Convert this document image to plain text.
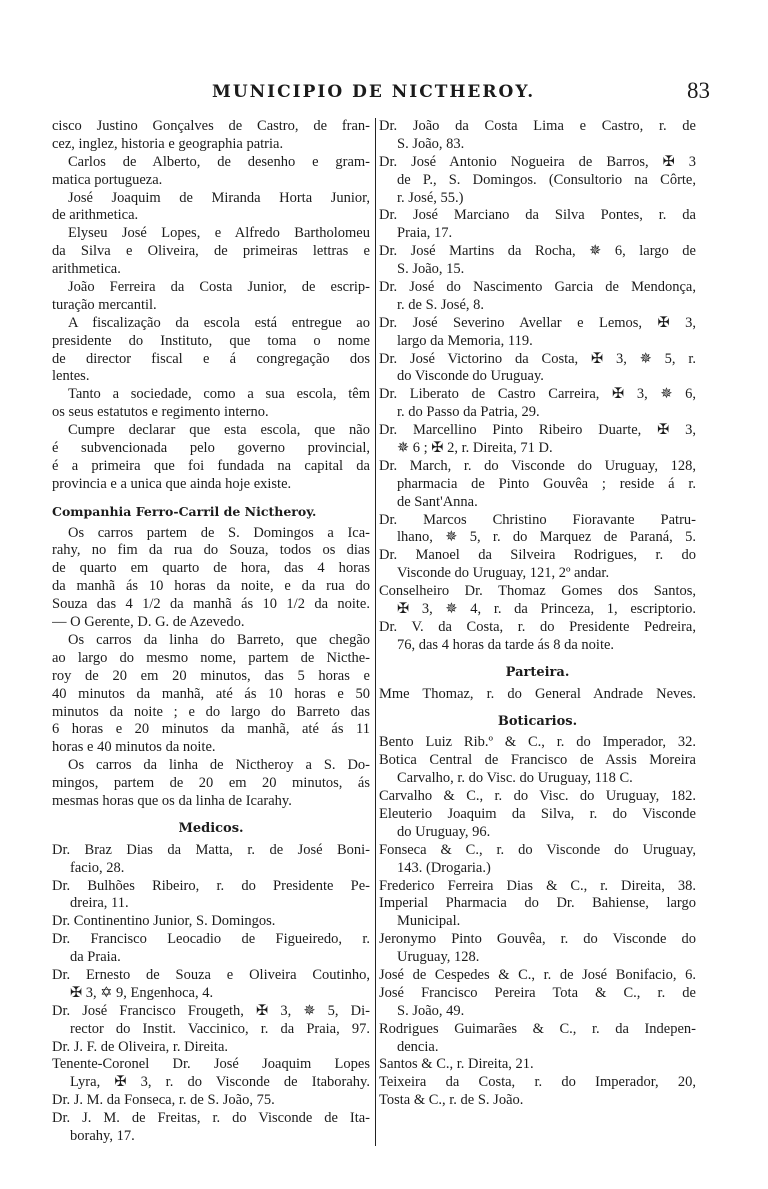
MUNICIPIO DE NICTHEROY.	83
cisco Justino Gonçalves de Castro, de fran-
cez, inglez, historia e geographia patria.
Carlos de Alberto, de desenho e gram-
matica portugueza.
José Joaquim de Miranda Horta Junior,
de arithmetica.
Elyseu José Lopes, e Alfredo Bartholomeu
da Silva e Oliveira, de primeiras lettras e
arithmetica.
João Ferreira da Costa Junior, de escrip-
turação mercantil.
A fiscalização da escola está entregue ao
presidente do Instituto, que toma o nome
de director fiscal e á congregação dos
lentes.
Tanto a sociedade, como a sua escola, têm
os seus estatutos e regimento interno.
Cumpre declarar que esta escola, que não
é subvencionada pelo governo provincial,
é a primeira que foi fundada na capital da
provincia e a unica que ainda hoje existe.
Companhia Ferro-Carril de Nictheroy.
Os carros partem de S. Domingos a Ica-
rahy, no fim da rua do Souza, todos os dias
de quarto em quarto de hora, das 4 horas
da manhã ás 10 horas da noite, e da rua do
Souza das 4 1/2 da manhã ás 10 1/2 da noite.
— O Gerente, D. G. de Azevedo.
Os carros da linha do Barreto, que chegão
ao largo do mesmo nome, partem de Nicthe-
roy de 20 em 20 minutos, das 5 horas e
40 minutos da manhã, até ás 10 horas e 50
minutos da noite ; e do largo do Barreto das
6 horas e 20 minutos da manhã, até ás 11
horas e 40 minutos da noite.
Os carros da linha de Nictheroy a S. Do-
mingos, partem de 20 em 20 minutos, ás
mesmas horas que os da linha de Icarahy.
Medicos.
Dr. Braz Dias da Matta, r. de José Boni-
facio, 28.
Dr. Bulhões Ribeiro, r. do Presidente Pe-
dreira, 11.
Dr. Continentino Junior, S. Domingos.
Dr. Francisco Leocadio de Figueiredo, r.
da Praia.
Dr. Ernesto de Souza e Oliveira Coutinho,
✠ 3, ✡ 9, Engenhoca, 4.
Dr. José Francisco Frougeth, ✠ 3, ✵ 5, Di-
rector do Instit. Vaccinico, r. da Praia, 97.
Dr. J. F. de Oliveira, r. Direita.
Tenente-Coronel Dr. José Joaquim Lopes
Lyra, ✠ 3, r. do Visconde de Itaborahy.
Dr. J. M. da Fonseca, r. de S. João, 75.
Dr. J. M. de Freitas, r. do Visconde de Ita-
borahy, 17.
Dr. João da Costa Lima e Castro, r. de
S. João, 83.
Dr. José Antonio Nogueira de Barros, ✠ 3
de P., S. Domingos. (Consultorio na Côrte,
r. José, 55.)
Dr. José Marciano da Silva Pontes, r. da
Praia, 17.
Dr. José Martins da Rocha, ✵ 6, largo de
S. João, 15.
Dr. José do Nascimento Garcia de Mendonça,
r. de S. José, 8.
Dr. José Severino Avellar e Lemos, ✠ 3,
largo da Memoria, 119.
Dr. José Victorino da Costa, ✠ 3, ✵ 5, r.
do Visconde do Uruguay.
Dr. Liberato de Castro Carreira, ✠ 3, ✵ 6,
r. do Passo da Patria, 29.
Dr. Marcellino Pinto Ribeiro Duarte, ✠ 3,
✵ 6 ; ✠ 2, r. Direita, 71 D.
Dr. March, r. do Visconde do Uruguay, 128,
pharmacia de Pinto Gouvêa ; reside á r.
de Sant'Anna.
Dr. Marcos Christino Fioravante Patru-
lhano, ✵ 5, r. do Marquez de Paraná, 5.
Dr. Manoel da Silveira Rodrigues, r. do
Visconde do Uruguay, 121, 2º andar.
Conselheiro Dr. Thomaz Gomes dos Santos,
✠ 3, ✵ 4, r. da Princeza, 1, escriptorio.
Dr. V. da Costa, r. do Presidente Pedreira,
76, das 4 horas da tarde ás 8 da noite.
Parteira.
Mme Thomaz, r. do General Andrade Neves.
Boticarios.
Bento Luiz Rib.º & C., r. do Imperador, 32.
Botica Central de Francisco de Assis Moreira
Carvalho, r. do Visc. do Uruguay, 118 C.
Carvalho & C., r. do Visc. do Uruguay, 182.
Eleuterio Joaquim da Silva, r. do Visconde
do Uruguay, 96.
Fonseca & C., r. do Visconde do Uruguay,
143. (Drogaria.)
Frederico Ferreira Dias & C., r. Direita, 38.
Imperial Pharmacia do Dr. Bahiense, largo
Municipal.
Jeronymo Pinto Gouvêa, r. do Visconde do
Uruguay, 128.
José de Cespedes & C., r. de José Bonifacio, 6.
José Francisco Pereira Tota & C., r. de
S. João, 49.
Rodrigues Guimarães & C., r. da Indepen-
dencia.
Santos & C., r. Direita, 21.
Teixeira da Costa, r. do Imperador, 20,
Tosta & C., r. de S. João.
